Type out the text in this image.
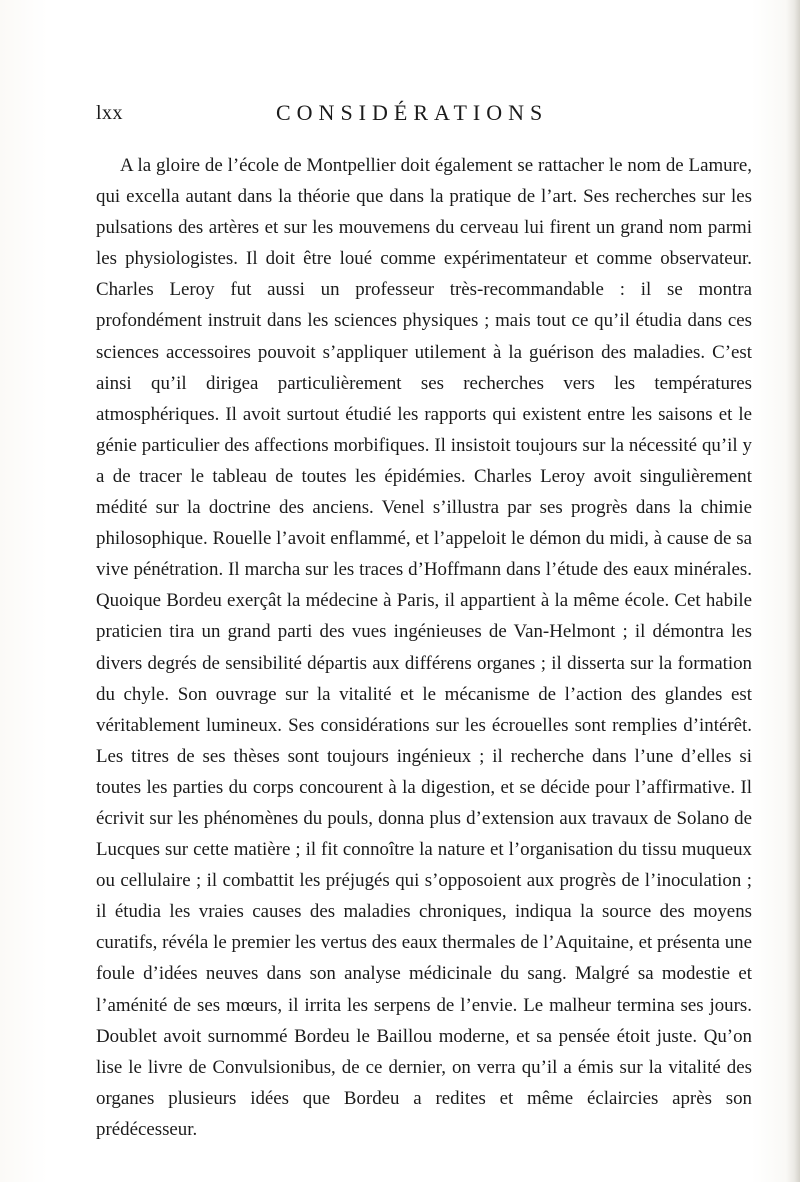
lxx	CONSIDÉRATIONS

A la gloire de l’école de Montpellier doit également se rattacher le nom de Lamure, qui excella autant dans la théorie que dans la pratique de l’art. Ses recherches sur les pulsations des artères et sur les mouvemens du cerveau lui firent un grand nom parmi les physiologistes. Il doit être loué comme expérimentateur et comme observateur. Charles Leroy fut aussi un professeur très-recommandable : il se montra profondément instruit dans les sciences physiques ; mais tout ce qu’il étudia dans ces sciences accessoires pouvoit s’appliquer utilement à la guérison des maladies. C’est ainsi qu’il dirigea particulièrement ses recherches vers les températures atmosphériques. Il avoit surtout étudié les rapports qui existent entre les saisons et le génie particulier des affections morbifiques. Il insistoit toujours sur la nécessité qu’il y a de tracer le tableau de toutes les épidémies. Charles Leroy avoit singulièrement médité sur la doctrine des anciens. Venel s’illustra par ses progrès dans la chimie philosophique. Rouelle l’avoit enflammé, et l’appeloit le démon du midi, à cause de sa vive pénétration. Il marcha sur les traces d’Hoffmann dans l’étude des eaux minérales. Quoique Bordeu exerçât la médecine à Paris, il appartient à la même école. Cet habile praticien tira un grand parti des vues ingénieuses de Van-Helmont ; il démontra les divers degrés de sensibilité départis aux différens organes ; il disserta sur la formation du chyle. Son ouvrage sur la vitalité et le mécanisme de l’action des glandes est véritablement lumineux. Ses considérations sur les écrouelles sont remplies d’intérêt. Les titres de ses thèses sont toujours ingénieux ; il recherche dans l’une d’elles si toutes les parties du corps concourent à la digestion, et se décide pour l’affirmative. Il écrivit sur les phénomènes du pouls, donna plus d’extension aux travaux de Solano de Lucques sur cette matière ; il fit connoître la nature et l’organisation du tissu muqueux ou cellulaire ; il combattit les préjugés qui s’opposoient aux progrès de l’inoculation ; il étudia les vraies causes des maladies chroniques, indiqua la source des moyens curatifs, révéla le premier les vertus des eaux thermales de l’Aquitaine, et présenta une foule d’idées neuves dans son analyse médicinale du sang. Malgré sa modestie et l’aménité de ses mœurs, il irrita les serpens de l’envie. Le malheur termina ses jours. Doublet avoit surnommé Bordeu le Baillou moderne, et sa pensée étoit juste. Qu’on lise le livre de Convulsionibus, de ce dernier, on verra qu’il a émis sur la vitalité des organes plusieurs idées que Bordeu a redites et même éclaircies après son prédécesseur.
